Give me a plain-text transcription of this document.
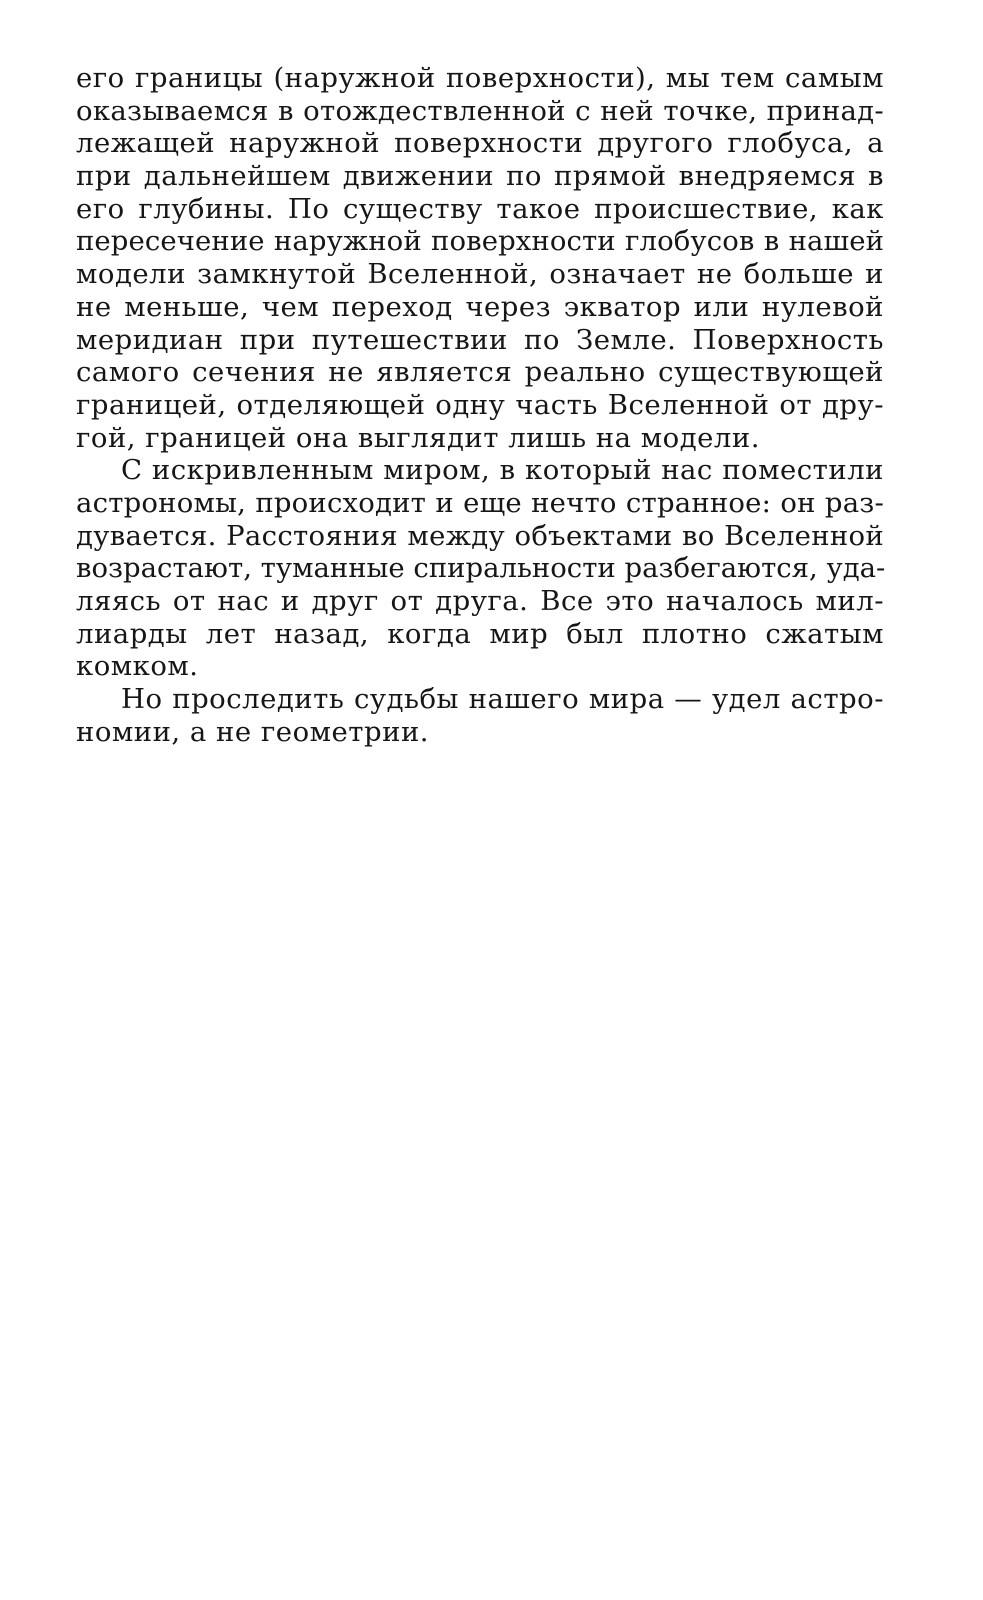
его границы (наружной поверхности), мы тем самым
оказываемся в отождествленной с ней точке, принад-
лежащей наружной поверхности другого глобуса, а
при дальнейшем движении по прямой внедряемся в
его глубины. По существу такое происшествие, как
пересечение наружной поверхности глобусов в нашей
модели замкнутой Вселенной, означает не больше и
не меньше, чем переход через экватор или нулевой
меридиан при путешествии по Земле. Поверхность
самого сечения не является реально существующей
границей, отделяющей одну часть Вселенной от дру-
гой, границей она выглядит лишь на модели.
С искривленным миром, в который нас поместили
астрономы, происходит и еще нечто странное: он раз-
дувается. Расстояния между объектами во Вселенной
возрастают, туманные спиральности разбегаются, уда-
ляясь от нас и друг от друга. Все это началось мил-
лиарды лет назад, когда мир был плотно сжатым
комком.
Но проследить судьбы нашего мира — удел астро-
номии, а не геометрии.
